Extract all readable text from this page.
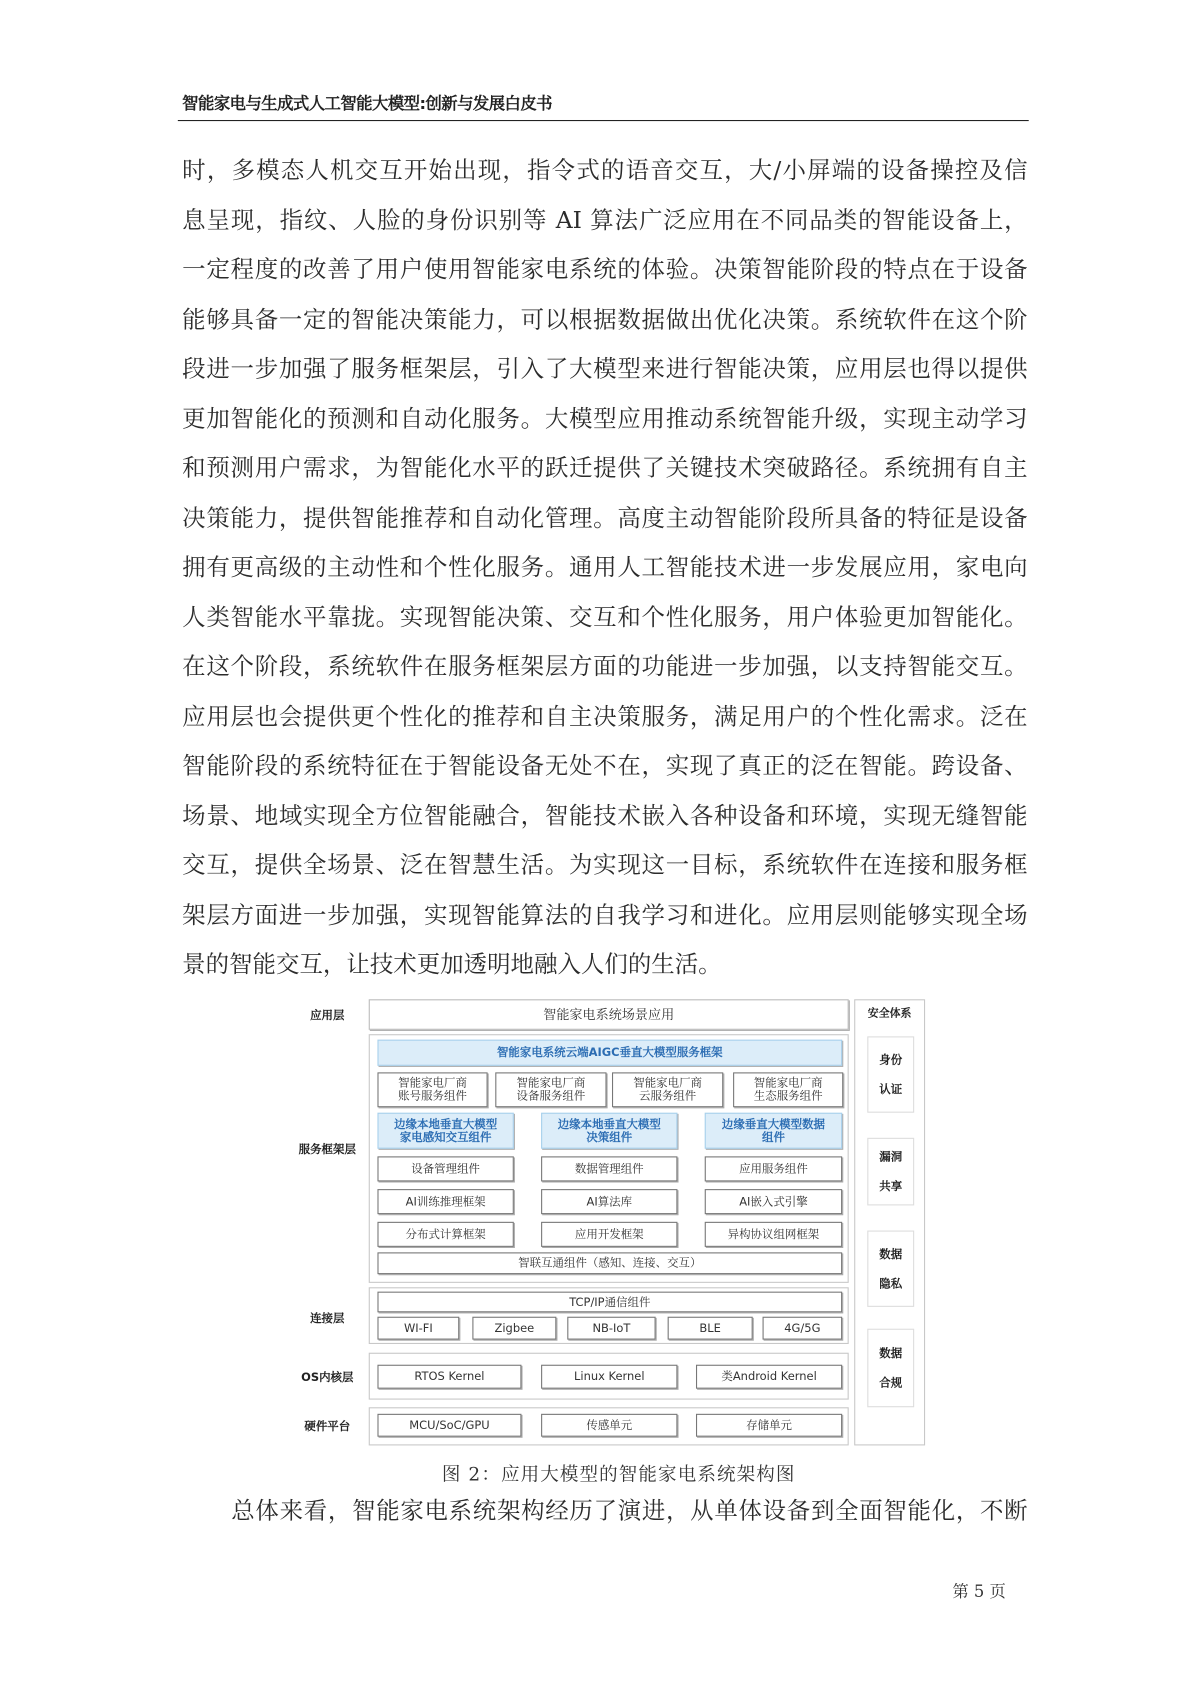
智能家电与生成式人工智能大模型:创新与发展白皮书
时，多模态人机交互开始出现，指令式的语音交互，大/小屏端的设备操控及信
息呈现，指纹、人脸的身份识别等 AI 算法广泛应用在不同品类的智能设备上，
一定程度的改善了用户使用智能家电系统的体验。决策智能阶段的特点在于设备
能够具备一定的智能决策能力，可以根据数据做出优化决策。系统软件在这个阶
段进一步加强了服务框架层，引入了大模型来进行智能决策，应用层也得以提供
更加智能化的预测和自动化服务。大模型应用推动系统智能升级，实现主动学习
和预测用户需求，为智能化水平的跃迁提供了关键技术突破路径。系统拥有自主
决策能力，提供智能推荐和自动化管理。高度主动智能阶段所具备的特征是设备
拥有更高级的主动性和个性化服务。通用人工智能技术进一步发展应用，家电向
人类智能水平靠拢。实现智能决策、交互和个性化服务，用户体验更加智能化。
在这个阶段，系统软件在服务框架层方面的功能进一步加强，以支持智能交互。
应用层也会提供更个性化的推荐和自主决策服务，满足用户的个性化需求。泛在
智能阶段的系统特征在于智能设备无处不在，实现了真正的泛在智能。跨设备、
场景、地域实现全方位智能融合，智能技术嵌入各种设备和环境，实现无缝智能
交互，提供全场景、泛在智慧生活。为实现这一目标，系统软件在连接和服务框
架层方面进一步加强，实现智能算法的自我学习和进化。应用层则能够实现全场
景的智能交互，让技术更加透明地融入人们的生活。
应用层
服务框架层
连接层
OS内核层
硬件平台
智能家电系统场景应用
智能家电系统云端AIGC垂直大模型服务框架
智能家电厂商
账号服务组件
智能家电厂商
设备服务组件
智能家电厂商
云服务组件
智能家电厂商
生态服务组件
边缘本地垂直大模型
家电感知交互组件
边缘本地垂直大模型
决策组件
边缘垂直大模型数据
组件
设备管理组件	数据管理组件	应用服务组件
AI训练推理框架	AI算法库	AI嵌入式引擎
分布式计算框架	应用开发框架	异构协议组网框架
智联互通组件（感知、连接、交互）
TCP/IP通信组件
WI-FI	Zigbee	NB-IoT	BLE	4G/5G
RTOS Kernel	Linux Kernel	类Android Kernel
MCU/SoC/GPU	传感单元	存储单元
安全体系
身份
认证
漏洞
共享
数据
隐私
数据
合规
图 2：应用大模型的智能家电系统架构图
总体来看，智能家电系统架构经历了演进，从单体设备到全面智能化，不断
第 5 页
